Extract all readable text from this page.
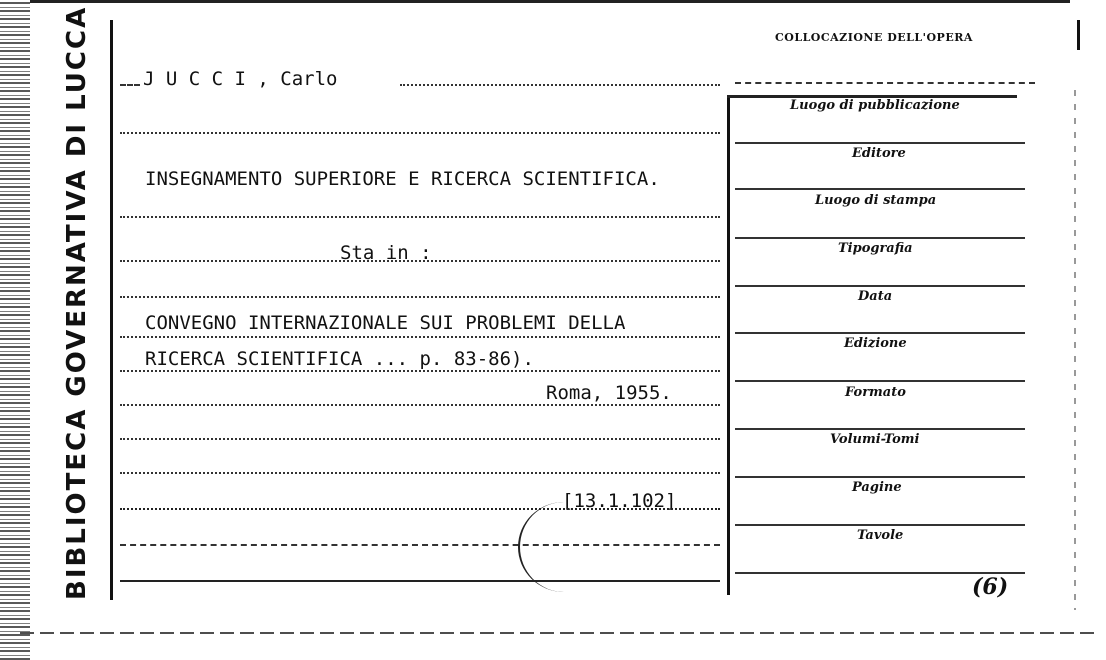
BIBLIOTECA GOVERNATIVA DI LUCCA	J U C C I , Carlo
INSEGNAMENTO SUPERIORE E RICERCA SCIENTIFICA.
Sta in :
CONVEGNO INTERNAZIONALE SUI PROBLEMI DELLA
RICERCA SCIENTIFICA ... p. 83-86).
Roma, 1955.
[13.1.102]
COLLOCAZIONE DELL'OPERA
Luogo di pubblicazione
Editore
Luogo di stampa
Tipografia
Data
Edizione
Formato
Volumi-Tomi
Pagine
Tavole
(6)
